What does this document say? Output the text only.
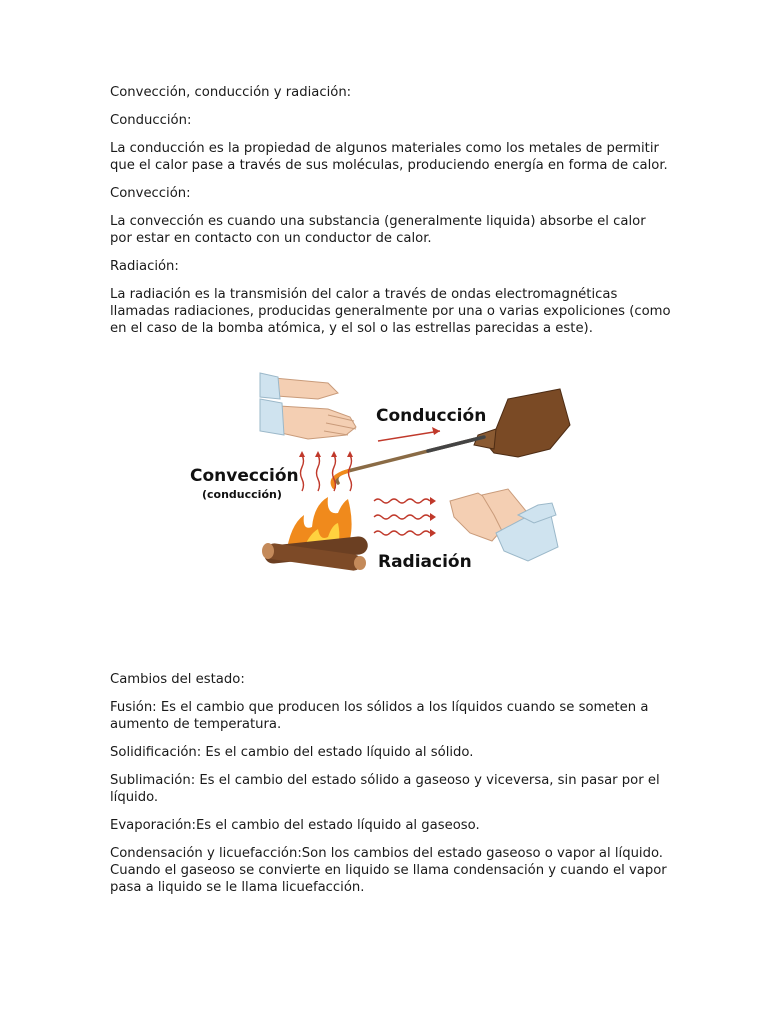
Convección, conducción y radiación:

Conducción:

La conducción es la propiedad de algunos materiales como los metales de permitir
que el calor pase a través de sus moléculas, produciendo energía en forma de calor.

Convección:

La convección es cuando una substancia (generalmente liquida) absorbe el calor
por estar en contacto con un conductor de calor.

Radiación:

La radiación es la transmisión del calor a través de ondas electromagnéticas
llamadas radiaciones, producidas generalmente por una o varias expoliciones (como
en el caso de la bomba atómica, y el sol o las estrellas parecidas a este).

Conducción
Convección
(conducción)
Radiación

Cambios del estado:

Fusión: Es el cambio que producen los sólidos a los líquidos cuando se someten a
aumento de temperatura.

Solidificación: Es el cambio del estado líquido al sólido.

Sublimación: Es el cambio del estado sólido a gaseoso y viceversa, sin pasar por el
líquido.

Evaporación:Es el cambio del estado líquido al gaseoso.

Condensación y licuefacción:Son los cambios del estado gaseoso o vapor al líquido.
Cuando el gaseoso se convierte en liquido se llama condensación y cuando el vapor
pasa a liquido se le llama licuefacción.
